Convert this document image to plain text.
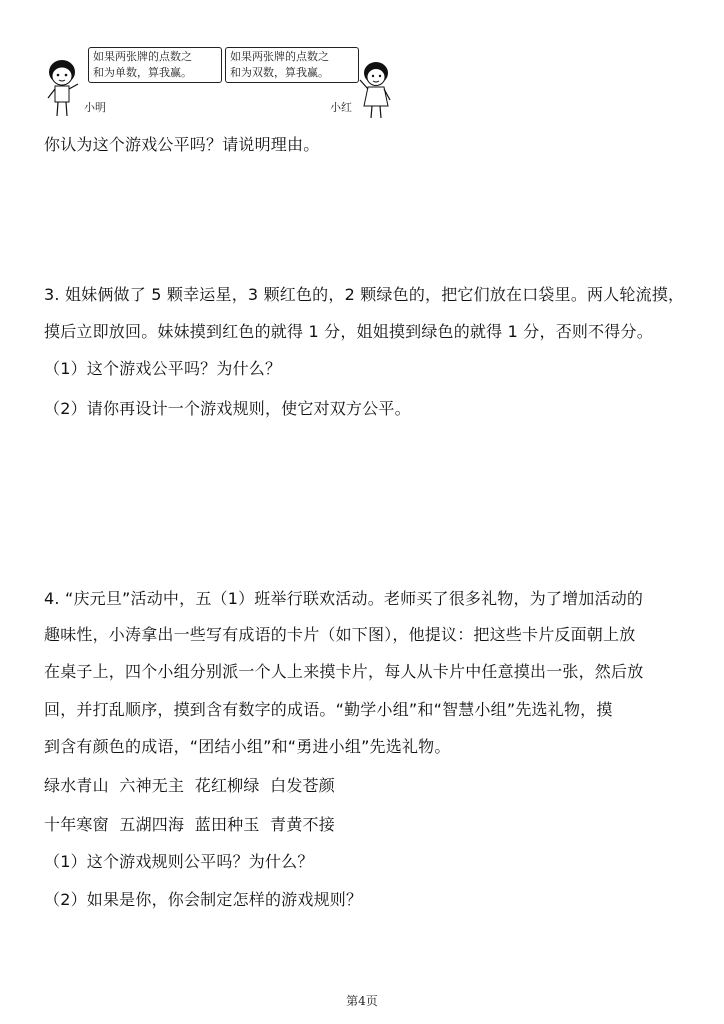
小明
如果两张牌的点数之
和为单数，算我赢。
如果两张牌的点数之
和为双数，算我赢。
小红
你认为这个游戏公平吗？请说明理由。
3. 姐妹俩做了 5 颗幸运星，3 颗红色的，2 颗绿色的，把它们放在口袋里。两人轮流摸，
摸后立即放回。妹妹摸到红色的就得 1 分，姐姐摸到绿色的就得 1 分，否则不得分。
（1）这个游戏公平吗？为什么？
（2）请你再设计一个游戏规则，使它对双方公平。
4. “庆元旦”活动中，五（1）班举行联欢活动。老师买了很多礼物，为了增加活动的
趣味性，小涛拿出一些写有成语的卡片（如下图），他提议：把这些卡片反面朝上放
在桌子上，四个小组分别派一个人上来摸卡片，每人从卡片中任意摸出一张，然后放
回，并打乱顺序，摸到含有数字的成语。“勤学小组”和“智慧小组”先选礼物，摸
到含有颜色的成语，“团结小组”和“勇进小组”先选礼物。
绿水青山  六神无主  花红柳绿  白发苍颜
十年寒窗  五湖四海  蓝田种玉  青黄不接
（1）这个游戏规则公平吗？为什么？
（2）如果是你，你会制定怎样的游戏规则？
第4页
